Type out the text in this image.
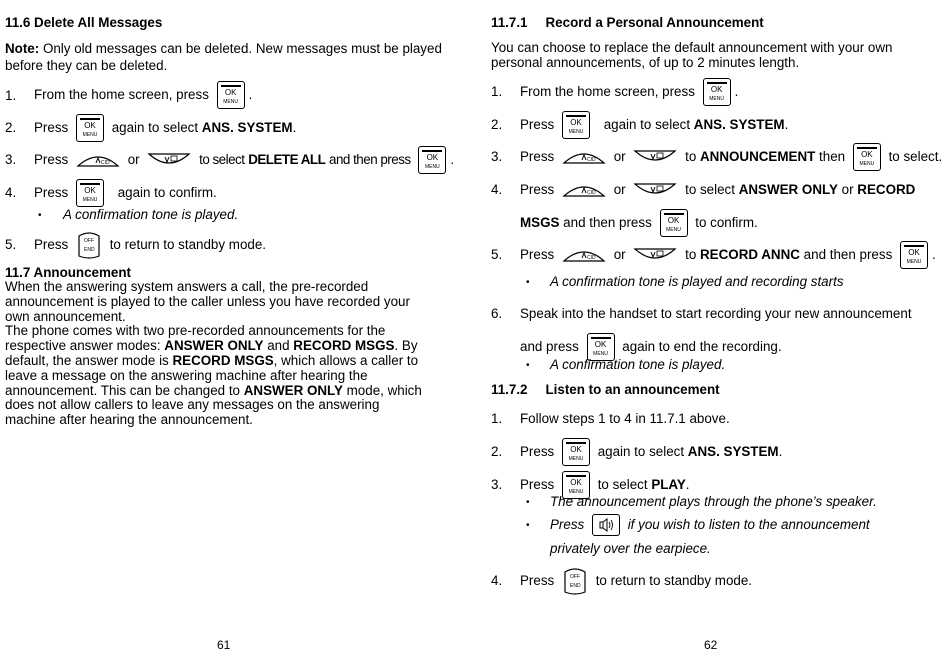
11.6 Delete All Messages
Note: Only old messages can be deleted. New messages must be played
before they can be deleted.
1. From the home screen, press	OK
MENU
.
2. Press	OK
MENU
again to select ANS. SYSTEM.
3. Press	CID or	to select DELETE ALL and then press	OK
MENU
.
4. Press	OK
MENU
again to confirm.
• A confirmation tone is played.
5. Press	OFF
END to return to standby mode.
11.7 Announcement
When the answering system answers a call, the pre-recorded
announcement is played to the caller unless you have recorded your
own announcement.
The phone comes with two pre-recorded announcements for the
respective answer modes: ANSWER ONLY and RECORD MSGS. By
default, the answer mode is RECORD MSGS, which allows a caller to
leave a message on the answering machine after hearing the
announcement. This can be changed to ANSWER ONLY mode, which
does not allow callers to leave any messages on the answering
machine after hearing the announcement.
61
11.7.1 Record a Personal Announcement
You can choose to replace the default announcement with your own
personal announcements, of up to 2 minutes length.
1. From the home screen, press	OK
MENU
.
2. Press	OK
MENU
again to select ANS. SYSTEM.
3. Press	CID or	to ANNOUNCEMENT then	OK
MENU
to select.
4. Press	CID or	to select ANSWER ONLY or RECORD
MSGS and then press	OK
MENU
to confirm.
5. Press	CID or	to RECORD ANNC and then press	OK
MENU
.
• A confirmation tone is played and recording starts
6. Speak into the handset to start recording your new announcement
and press	OK
MENU
again to end the recording.
• A confirmation tone is played.
11.7.2 Listen to an announcement
1. Follow steps 1 to 4 in 11.7.1 above.
2. Press	OK
MENU
again to select ANS. SYSTEM.
3. Press	OK
MENU
to select PLAY.
• The announcement plays through the phone’s speaker.
• Press	if you wish to listen to the announcement
privately over the earpiece.
4. Press	OFF
END to return to standby mode.
62
